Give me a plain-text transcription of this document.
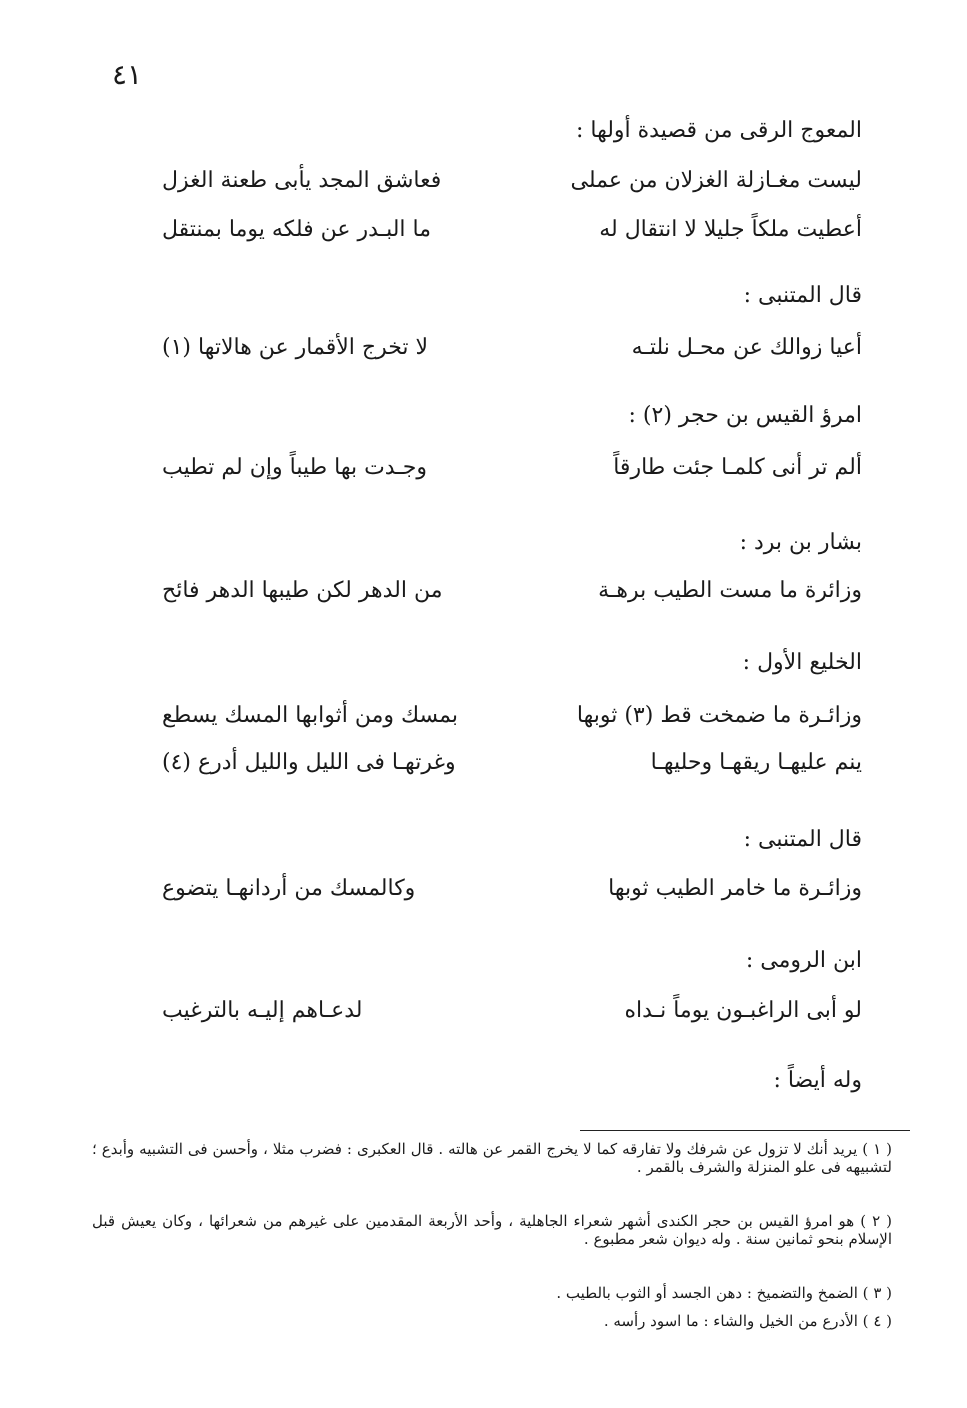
٤١
المعوج الرقى من قصيدة أولها :
ليست مغـازلة الغزلان من عملى
فعاشق المجد يأبى طعنة الغزل
أعطيت ملكاً جليلا لا انتقال له
ما البـدر عن فلكه يوما بمنتقل
قال المتنبى :
أعيا زوالك عن محـل نلتـه
لا تخرج الأقمار عن هالاتها (١)
امرؤ القيس بن حجر (٢) :
ألم تر أنى كلمـا جئت طارقاً
وجـدت بها طيباً وإن لم تطيب
بشار بن برد :
وزائرة ما مست الطيب برهـة
من الدهر لكن طيبها الدهر فائح
الخليع الأول :
وزائـرة ما ضمخت قط (٣) ثوبها
بمسك ومن أثوابها المسك يسطع
ينم عليهـا ريقهـا وحليهـا
وغرتهـا فى الليل والليل أدرع (٤)
قال المتنبى :
وزائـرة ما خامر الطيب ثوبها
وكالمسك من أردانهـا يتضوع
ابن الرومى :
لو أبى الراغبـون يوماً نـداه
لدعـاهم إليـه بالترغيب
وله أيضاً :
( ١ ) يريد أنك لا تزول عن شرفك ولا تفارقه كما لا يخرج القمر عن هالته . قال العكبرى : فضرب مثلا ، وأحسن فى التشبيه وأبدع ؛ لتشبيهه فى علو المنزلة والشرف بالقمر .
( ٢ ) هو امرؤ القيس بن حجر الكندى أشهر شعراء الجاهلية ، وأحد الأربعة المقدمين على غيرهم من شعرائها ، وكان يعيش قبل الإسلام بنحو ثمانين سنة . وله ديوان شعر مطبوع .
( ٣ ) الضمخ والتضميخ : دهن الجسد أو الثوب بالطيب .
( ٤ ) الأدرع من الخيل والشاء : ما اسود رأسه .
